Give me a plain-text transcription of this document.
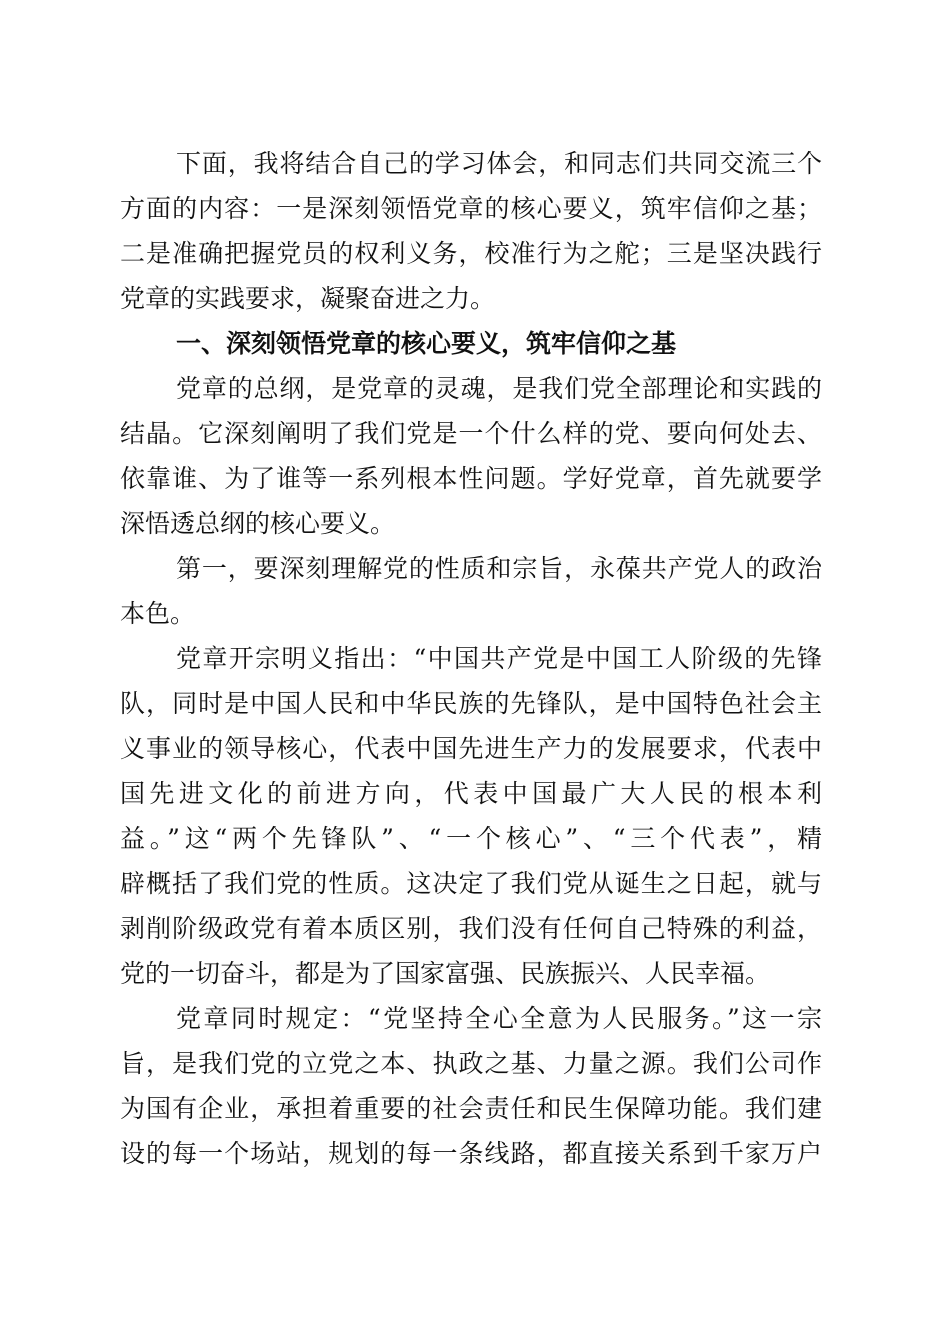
下面，我将结合自己的学习体会，和同志们共同交流三个
方面的内容：一是深刻领悟党章的核心要义，筑牢信仰之基；
二是准确把握党员的权利义务，校准行为之舵；三是坚决践行
党章的实践要求，凝聚奋进之力。
一、深刻领悟党章的核心要义，筑牢信仰之基
党章的总纲，是党章的灵魂，是我们党全部理论和实践的
结晶。它深刻阐明了我们党是一个什么样的党、要向何处去、
依靠谁、为了谁等一系列根本性问题。学好党章，首先就要学
深悟透总纲的核心要义。
第一，要深刻理解党的性质和宗旨，永葆共产党人的政治
本色。
党章开宗明义指出：“中国共产党是中国工人阶级的先锋
队，同时是中国人民和中华民族的先锋队，是中国特色社会主
义事业的领导核心，代表中国先进生产力的发展要求，代表中
国先进文化的前进方向，代表中国最广大人民的根本利
益。”这“两个先锋队”、“一个核心”、“三个代表”，精
辟概括了我们党的性质。这决定了我们党从诞生之日起，就与
剥削阶级政党有着本质区别，我们没有任何自己特殊的利益，
党的一切奋斗，都是为了国家富强、民族振兴、人民幸福。
党章同时规定：“党坚持全心全意为人民服务。”这一宗
旨，是我们党的立党之本、执政之基、力量之源。我们公司作
为国有企业，承担着重要的社会责任和民生保障功能。我们建
设的每一个场站，规划的每一条线路，都直接关系到千家万户
